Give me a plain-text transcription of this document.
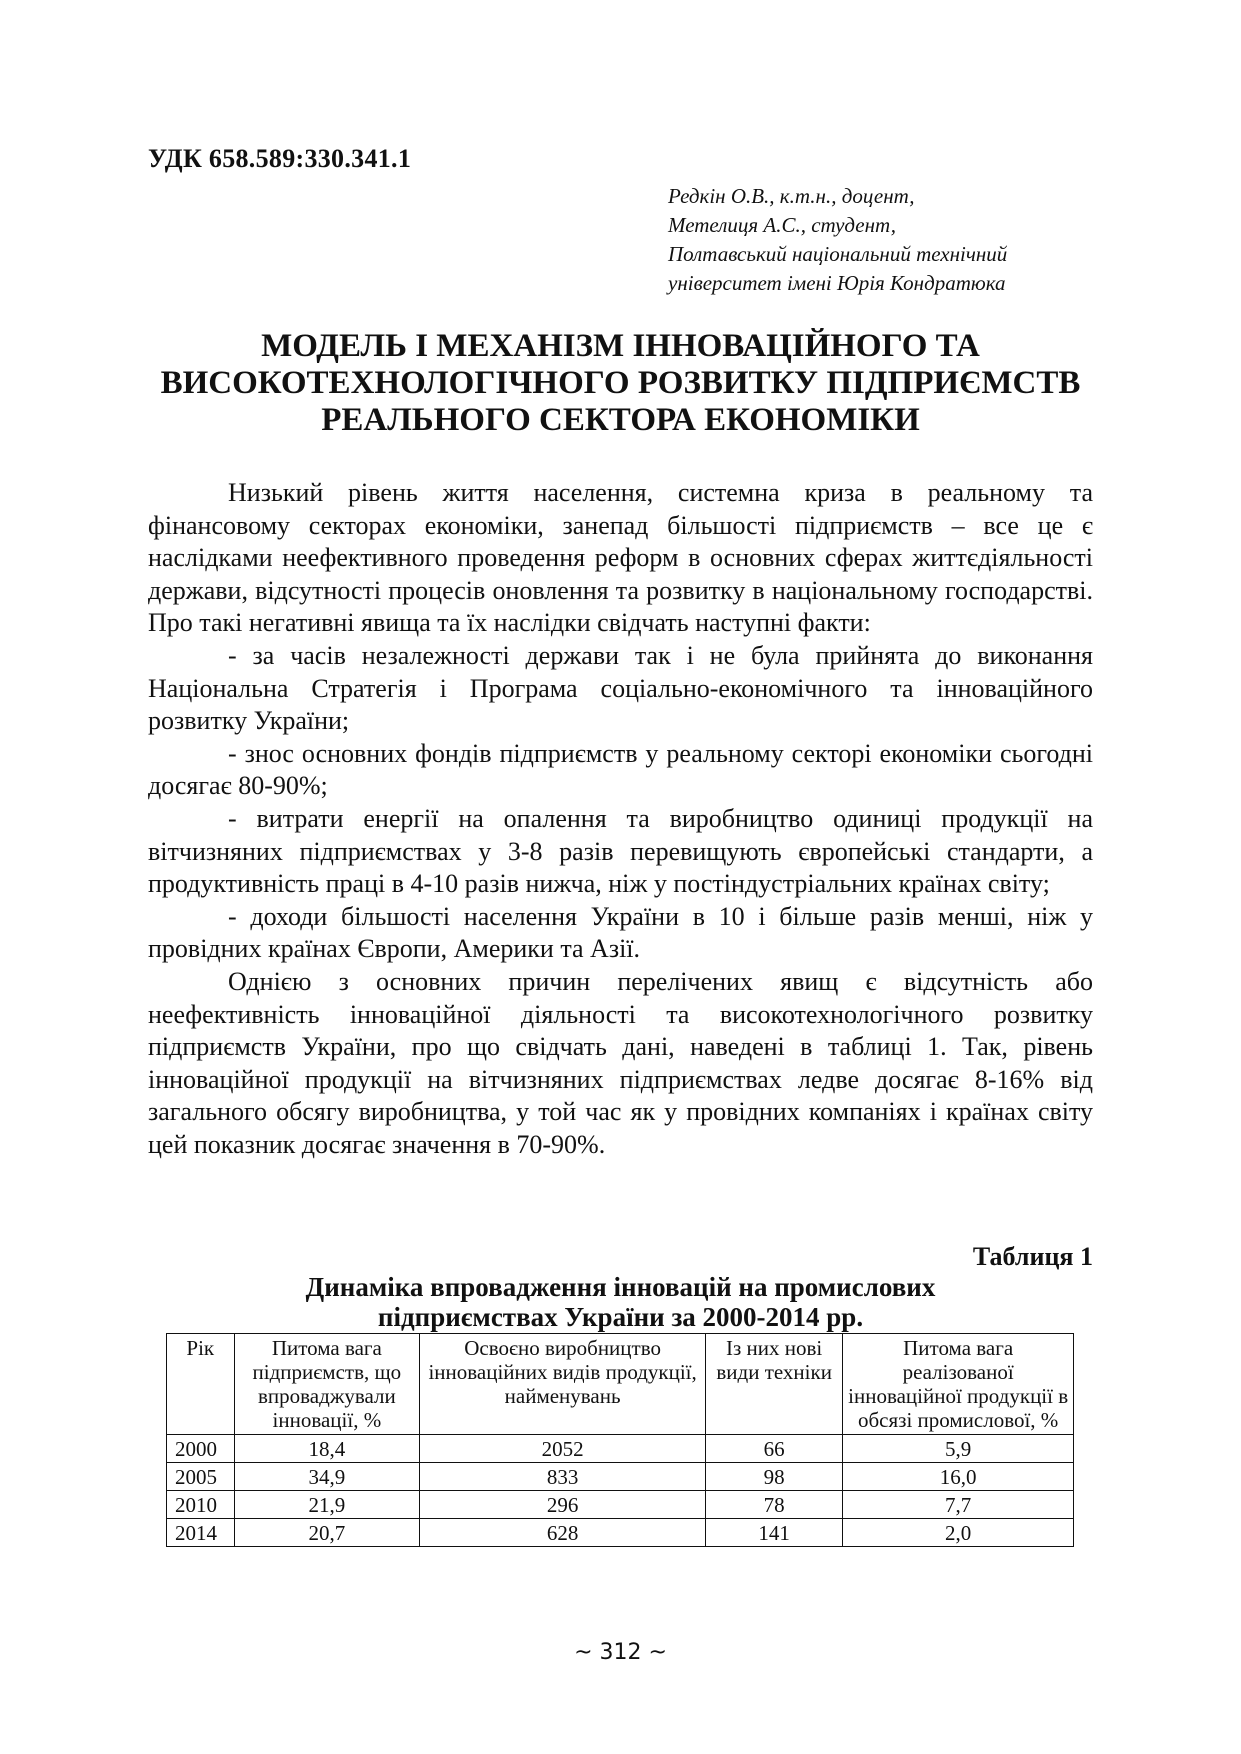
УДК 658.589:330.341.1
Редкін О.В., к.т.н., доцент,
Метелиця А.С., студент,
Полтавський національний технічний
університет імені Юрія Кондратюка
МОДЕЛЬ І МЕХАНІЗМ ІННОВАЦІЙНОГО ТА
ВИСОКОТЕХНОЛОГІЧНОГО РОЗВИТКУ ПІДПРИЄМСТВ
РЕАЛЬНОГО СЕКТОРА ЕКОНОМІКИ

Низький рівень життя населення, системна криза в реальному та фінансовому секторах економіки, занепад більшості підприємств – все це є наслідками неефективного проведення реформ в основних сферах життєдіяльності держави, відсутності процесів оновлення та розвитку в національному господарстві. Про такі негативні явища та їх наслідки свідчать наступні факти:

- за часів незалежності держави так і не була прийнята до виконання Національна Стратегія і Програма соціально-економічного та інноваційного розвитку України;

- знос основних фондів підприємств у реальному секторі економіки сьогодні досягає 80-90%;

- витрати енергії на опалення та виробництво одиниці продукції на вітчизняних підприємствах у 3-8 разів перевищують європейські стандарти, а продуктивність праці в 4-10 разів нижча, ніж у постіндустріальних країнах світу;

- доходи більшості населення України в 10 і більше разів менші, ніж у провідних країнах Європи, Америки та Азії.

Однією з основних причин перелічених явищ є відсутність або неефективність інноваційної діяльності та високотехнологічного розвитку підприємств України, про що свідчать дані, наведені в таблиці 1. Так, рівень інноваційної продукції на вітчизняних підприємствах ледве досягає 8-16% від загального обсягу виробництва, у той час як у провідних компаніях і країнах світу цей показник досягає значення в 70-90%.

Таблиця 1
Динаміка впровадження інновацій на промислових
підприємствах України за 2000-2014 рр.
Рік	Питома вага підприємств, що впроваджували інновації, %	Освоєно виробництво інноваційних видів продукції, найменувань	Із них нові види техніки	Питома вага реалізованої інноваційної продукції в обсязі промислової, %
2000	18,4	2052	66	5,9
2005	34,9	833	98	16,0
2010	21,9	296	78	7,7
2014	20,7	628	141	2,0
~ 312 ~
